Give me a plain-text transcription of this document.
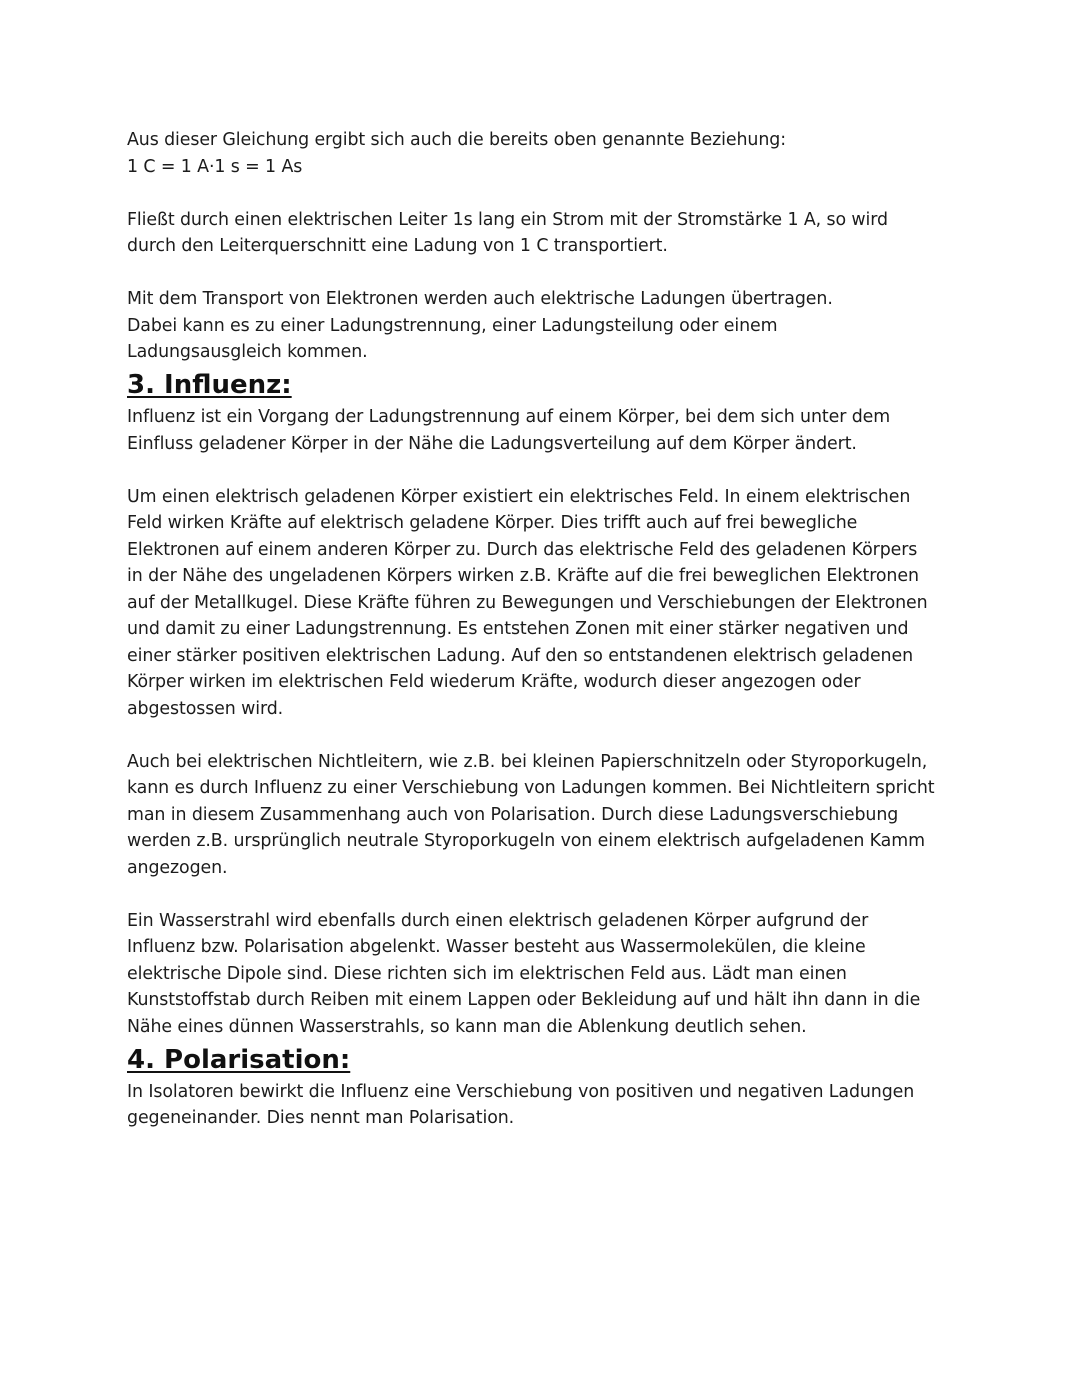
Aus dieser Gleichung ergibt sich auch die bereits oben genannte Beziehung:
1 C = 1 A·1 s = 1 As
Fließt durch einen elektrischen Leiter 1s lang ein Strom mit der Stromstärke 1 A, so wird
durch den Leiterquerschnitt eine Ladung von 1 C transportiert.
Mit dem Transport von Elektronen werden auch elektrische Ladungen übertragen.
Dabei kann es zu einer Ladungstrennung, einer Ladungsteilung oder einem
Ladungsausgleich kommen.
3. Influenz:
Influenz ist ein Vorgang der Ladungstrennung auf einem Körper, bei dem sich unter dem
Einfluss geladener Körper in der Nähe die Ladungsverteilung auf dem Körper ändert.
Um einen elektrisch geladenen Körper existiert ein elektrisches Feld. In einem elektrischen
Feld wirken Kräfte auf elektrisch geladene Körper. Dies trifft auch auf frei bewegliche
Elektronen auf einem anderen Körper zu. Durch das elektrische Feld des geladenen Körpers
in der Nähe des ungeladenen Körpers wirken z.B. Kräfte auf die frei beweglichen Elektronen
auf der Metallkugel. Diese Kräfte führen zu Bewegungen und Verschiebungen der Elektronen
und damit zu einer Ladungstrennung. Es entstehen Zonen mit einer stärker negativen und
einer stärker positiven elektrischen Ladung. Auf den so entstandenen elektrisch geladenen
Körper wirken im elektrischen Feld wiederum Kräfte, wodurch dieser angezogen oder
abgestossen wird.
Auch bei elektrischen Nichtleitern, wie z.B. bei kleinen Papierschnitzeln oder Styroporkugeln,
kann es durch Influenz zu einer Verschiebung von Ladungen kommen. Bei Nichtleitern spricht
man in diesem Zusammenhang auch von Polarisation. Durch diese Ladungsverschiebung
werden z.B. ursprünglich neutrale Styroporkugeln von einem elektrisch aufgeladenen Kamm
angezogen.
Ein Wasserstrahl wird ebenfalls durch einen elektrisch geladenen Körper aufgrund der
Influenz bzw. Polarisation abgelenkt. Wasser besteht aus Wassermolekülen, die kleine
elektrische Dipole sind. Diese richten sich im elektrischen Feld aus. Lädt man einen
Kunststoffstab durch Reiben mit einem Lappen oder Bekleidung auf und hält ihn dann in die
Nähe eines dünnen Wasserstrahls, so kann man die Ablenkung deutlich sehen.
4. Polarisation:
In Isolatoren bewirkt die Influenz eine Verschiebung von positiven und negativen Ladungen
gegeneinander. Dies nennt man Polarisation.
